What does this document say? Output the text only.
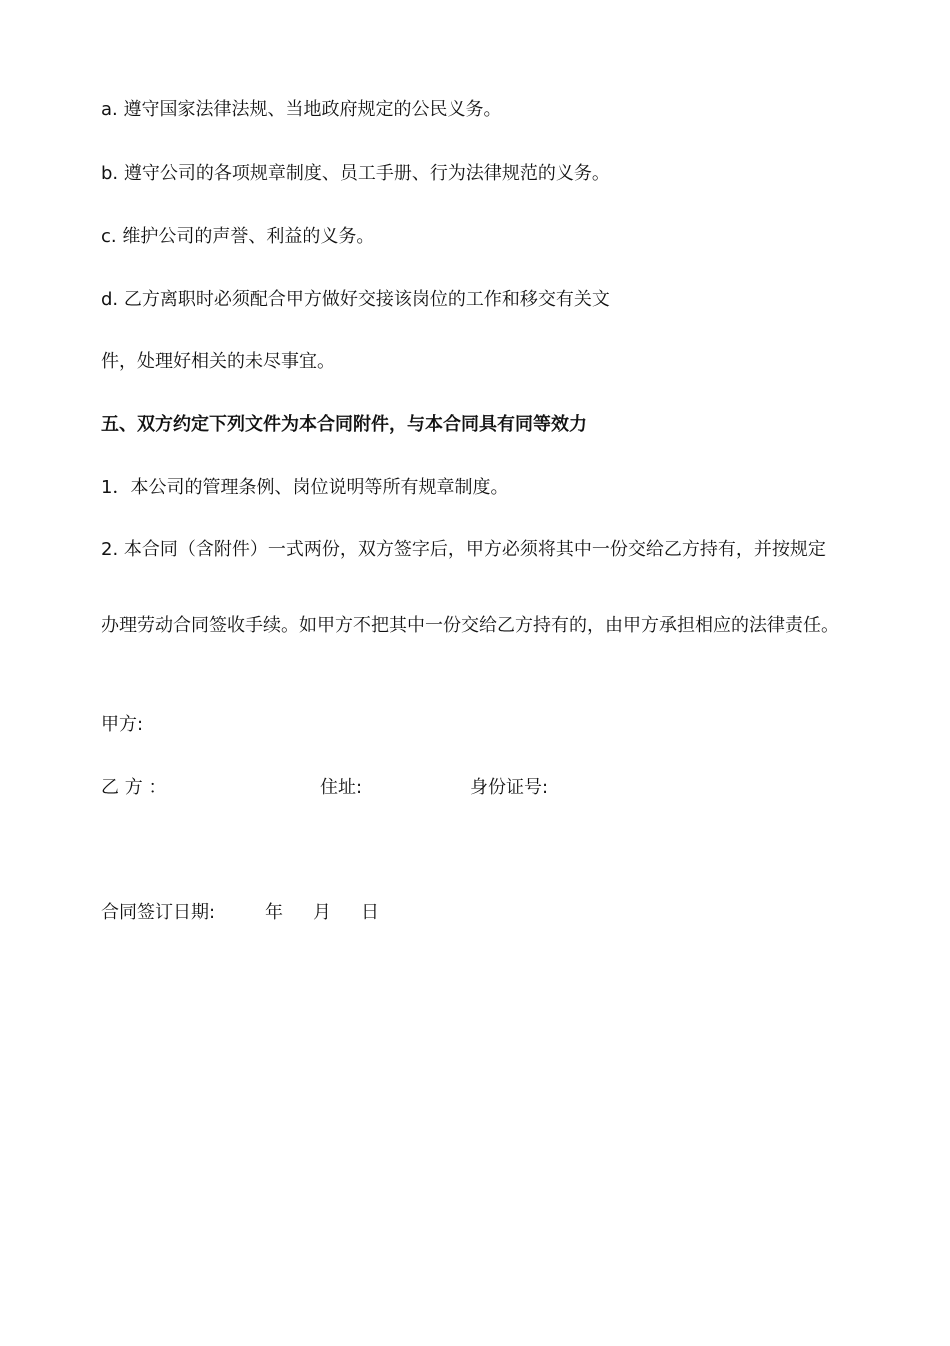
a. 遵守国家法律法规、当地政府规定的公民义务。
b. 遵守公司的各项规章制度、员工手册、行为法律规范的义务。
c. 维护公司的声誉、利益的义务。
d. 乙方离职时必须配合甲方做好交接该岗位的工作和移交有关文
件，处理好相关的未尽事宜。
五、双方约定下列文件为本合同附件，与本合同具有同等效力
1．本公司的管理条例、岗位说明等所有规章制度。
2. 本合同（含附件）一式两份，双方签字后，甲方必须将其中一份交给乙方持有，并按规定
办理劳动合同签收手续。如甲方不把其中一份交给乙方持有的，由甲方承担相应的法律责任。
甲方:
乙 方 ：	住址:	身份证号:
合同签订日期:	年 月 日
